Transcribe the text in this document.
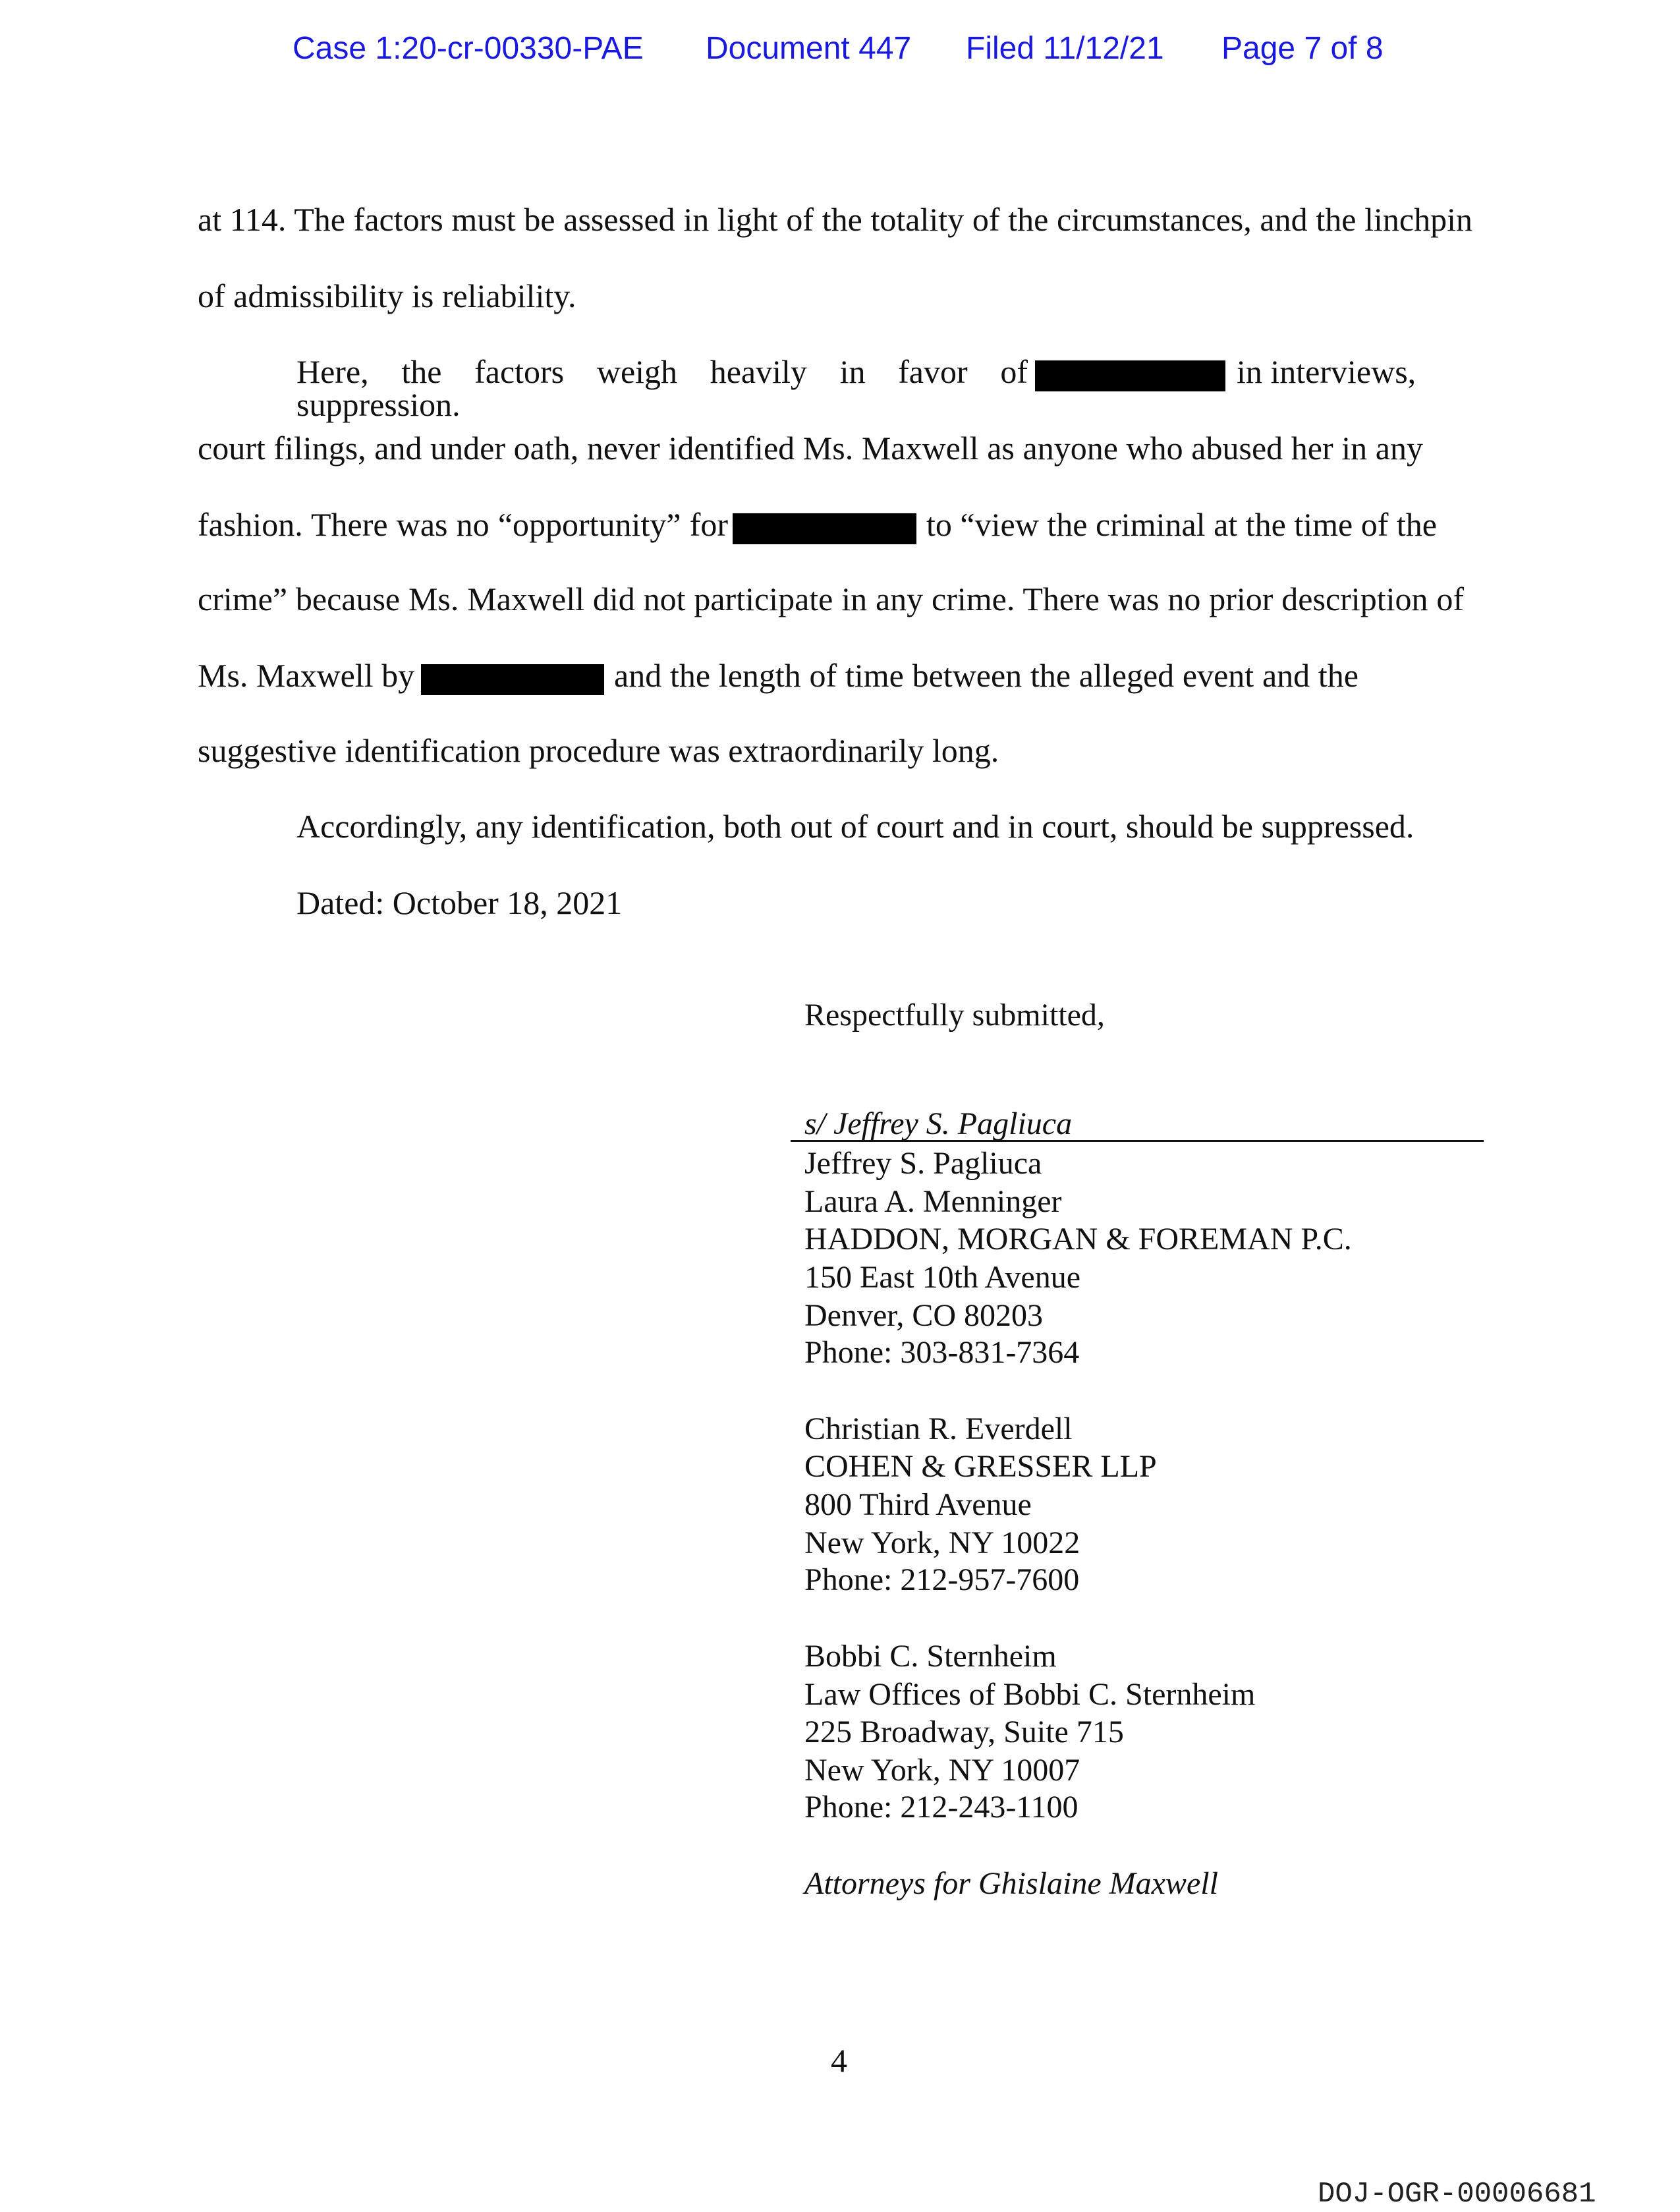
Case 1:20-cr-00330-PAE Document 447 Filed 11/12/21 Page 7 of 8
at 114. The factors must be assessed in light of the totality of the circumstances, and the linchpin
of admissibility is reliability.
Here, the factors weigh heavily in favor of suppression.
in interviews,
court filings, and under oath, never identified Ms. Maxwell as anyone who abused her in any
fashion. There was no “opportunity” for	to “view the criminal at the time of the
crime” because Ms. Maxwell did not participate in any crime. There was no prior description of
Ms. Maxwell by	and the length of time between the alleged event and the
suggestive identification procedure was extraordinarily long.
Accordingly, any identification, both out of court and in court, should be suppressed.
Dated: October 18, 2021
Respectfully submitted,
s/ Jeffrey S. Pagliuca
Jeffrey S. Pagliuca
Laura A. Menninger
HADDON, MORGAN & FOREMAN P.C.
150 East 10th Avenue
Denver, CO 80203
Phone: 303-831-7364
Christian R. Everdell
COHEN & GRESSER LLP
800 Third Avenue
New York, NY 10022
Phone: 212-957-7600
Bobbi C. Sternheim
Law Offices of Bobbi C. Sternheim
225 Broadway, Suite 715
New York, NY 10007
Phone: 212-243-1100
Attorneys for Ghislaine Maxwell
4
DOJ-OGR-00006681
